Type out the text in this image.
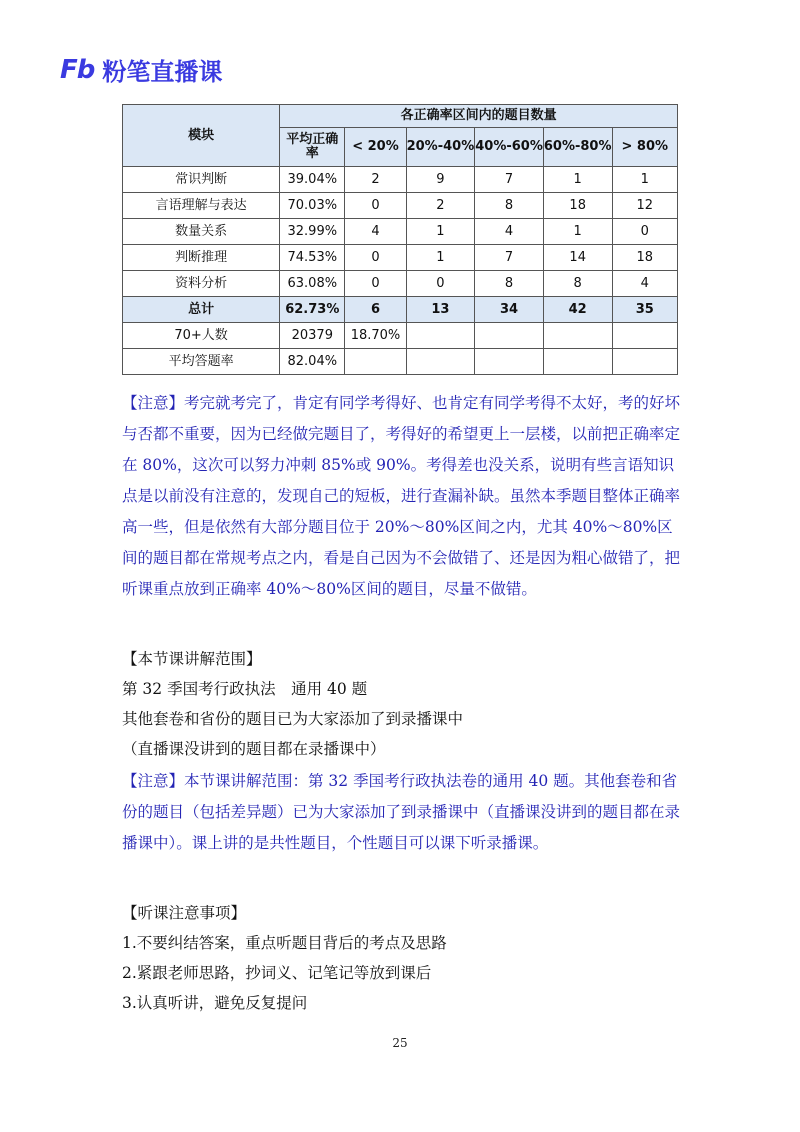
Fb 粉笔直播课
模块	各正确率区间内的题目数量					
	平均正确率	< 20%	20%-40%	40%-60%	60%-80%	> 80%
常识判断	39.04%	2	9	7	1	1
言语理解与表达	70.03%	0	2	8	18	12
数量关系	32.99%	4	1	4	1	0
判断推理	74.53%	0	1	7	14	18
资料分析	63.08%	0	0	8	8	4
总计	62.73%	6	13	34	42	35
70+人数	20379	18.70%				
平均答题率	82.04%					

【注意】考完就考完了，肯定有同学考得好、也肯定有同学考得不太好，考的好坏与否都不重要，因为已经做完题目了，考得好的希望更上一层楼，以前把正确率定在 80%，这次可以努力冲刺 85%或 90%。考得差也没关系，说明有些言语知识点是以前没有注意的，发现自己的短板，进行查漏补缺。虽然本季题目整体正确率高一些，但是依然有大部分题目位于 20%～80%区间之内，尤其 40%～80%区间的题目都在常规考点之内，看是自己因为不会做错了、还是因为粗心做错了，把听课重点放到正确率 40%～80%区间的题目，尽量不做错。

【本节课讲解范围】

第 32 季国考行政执法　通用 40 题

其他套卷和省份的题目已为大家添加了到录播课中

（直播课没讲到的题目都在录播课中）

【注意】本节课讲解范围：第 32 季国考行政执法卷的通用 40 题。其他套卷和省份的题目（包括差异题）已为大家添加了到录播课中（直播课没讲到的题目都在录播课中）。课上讲的是共性题目，个性题目可以课下听录播课。

【听课注意事项】

1.不要纠结答案，重点听题目背后的考点及思路

2.紧跟老师思路，抄词义、记笔记等放到课后

3.认真听讲，避免反复提问

25
